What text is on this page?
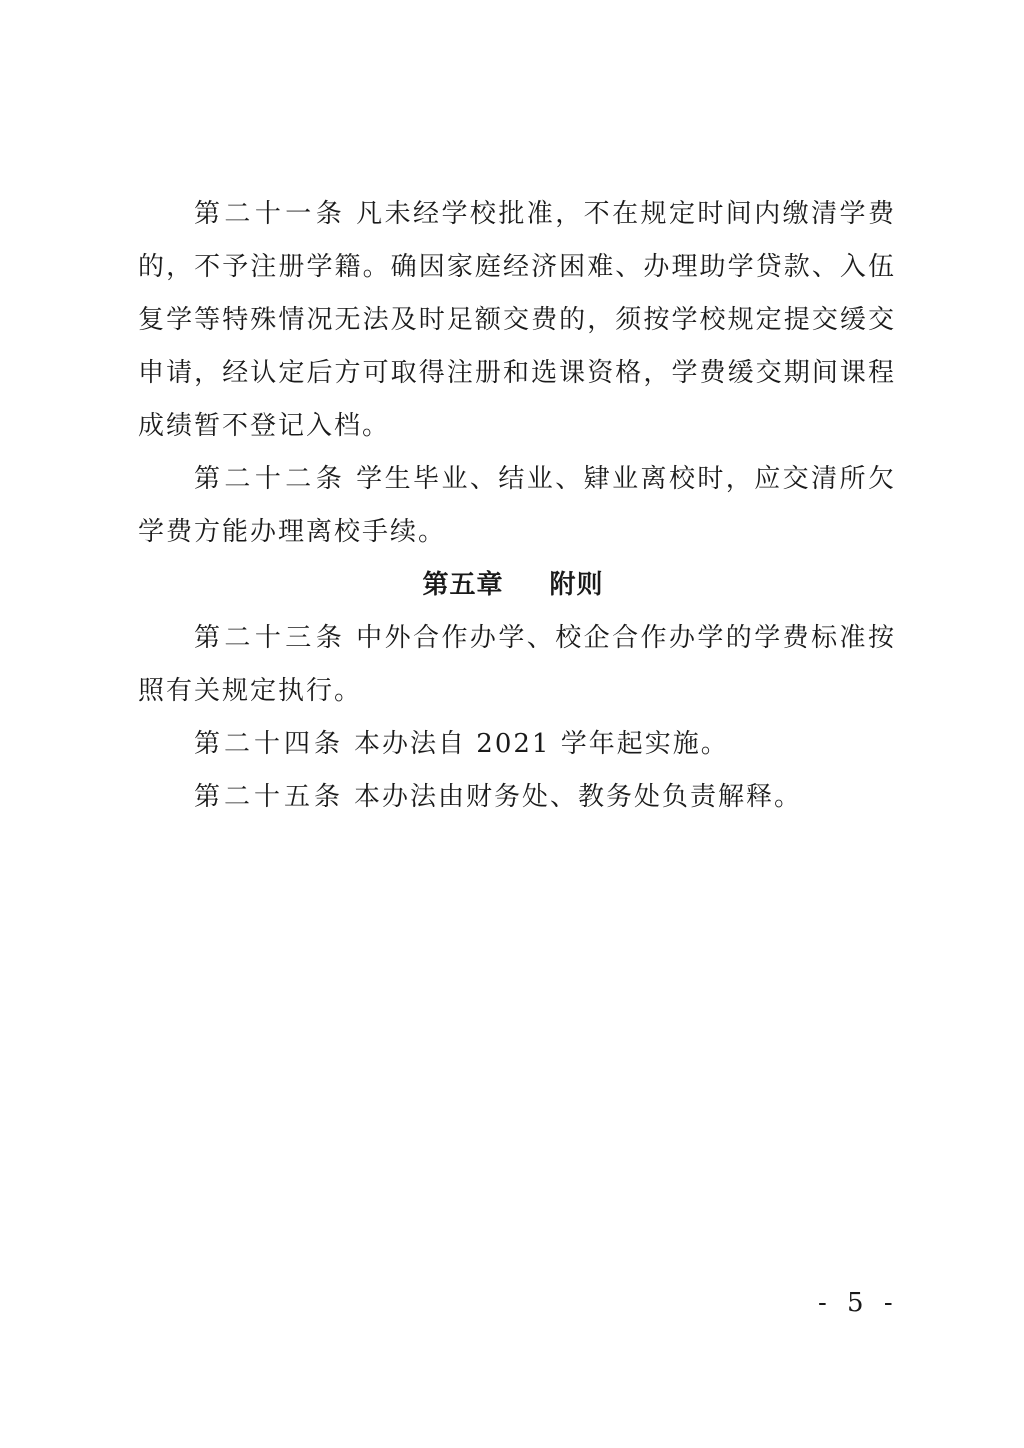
第二十一条 凡未经学校批准，不在规定时间内缴清学费的，不予注册学籍。确因家庭经济困难、办理助学贷款、入伍复学等特殊情况无法及时足额交费的，须按学校规定提交缓交申请，经认定后方可取得注册和选课资格，学费缓交期间课程成绩暂不登记入档。

第二十二条 学生毕业、结业、肄业离校时，应交清所欠学费方能办理离校手续。

第五章 附则

第二十三条 中外合作办学、校企合作办学的学费标准按照有关规定执行。

第二十四条 本办法自 2021 学年起实施。

第二十五条 本办法由财务处、教务处负责解释。

- 5 -
